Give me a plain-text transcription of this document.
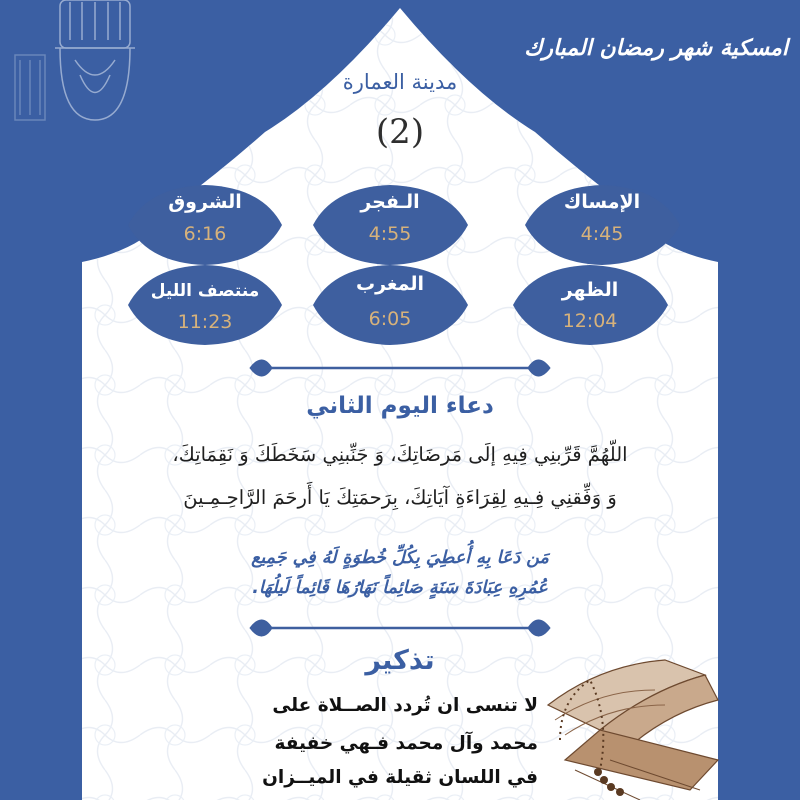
امسكية شهر رمضان المبارك
مدينة العمارة
(2)
الإمساك
4:45
الـفجر
4:55
الشروق
6:16
الظهر
12:04
المغرب
6:05
منتصف الليل
11:23
دعاء اليوم الثاني
اللّهُمَّ قَرِّبنِي فِيهِ إلَى مَرضَاتِكَ، وَ جَنِّبنِي سَخَطَكَ وَ نَقِمَاتِكَ،
وَ وَفِّقنِي فِـيهِ لِقِرَاءَةِ آيَاتِكَ، بِرَحمَتِكَ يَا أَرحَمَ الرَّاحِـمِـينَ
مَن دَعَا بِهِ أُعطِيَ بِكُلِّ خُطوَةٍ لَهُ فِي جَمِيع
عُمُرِهِ عِبَادَةَ سَنَةٍ صَائِماً نَهَارُهَا قَائِماً لَيلُهَا.
تذكير
لا تنسى ان تُردد الصــلاة على
محمد وآل محمد فـهي خفيفة
في اللسان ثقيلة في الميــزان
